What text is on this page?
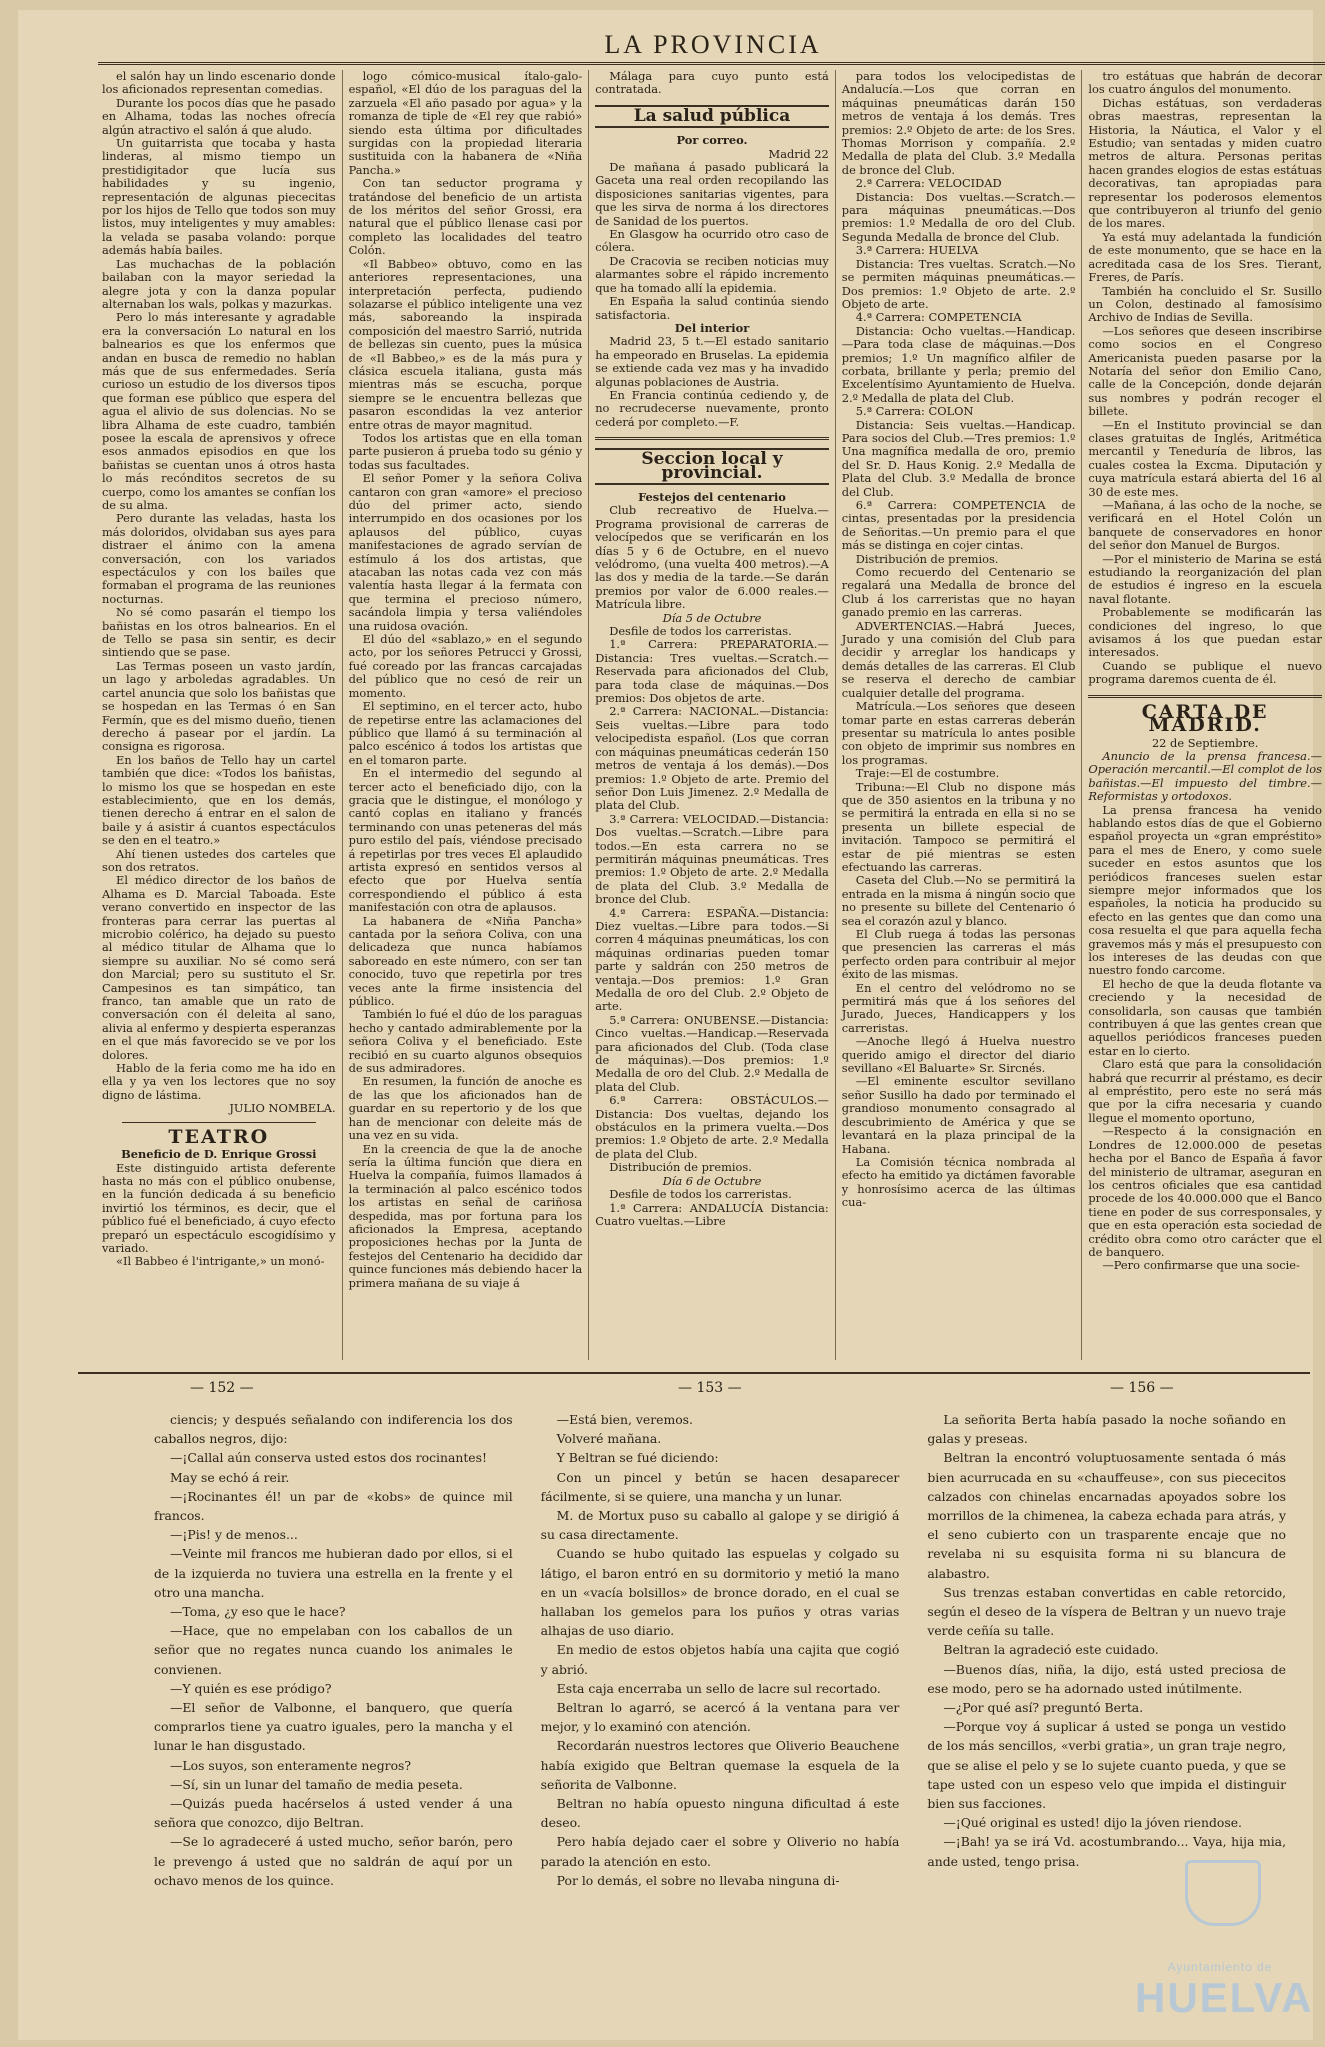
LA PROVINCIA

el salón hay un lindo escenario donde los aficionados representan comedias.

Durante los pocos días que he pasado en Alhama, todas las noches ofrecía algún atractivo el salón á que aludo.

Un guitarrista que tocaba y hasta linderas, al mismo tiempo un prestidigitador que lucía sus habilidades y su ingenio, representación de algunas piececitas por los hijos de Tello que todos son muy listos, muy inteligentes y muy amables: la velada se pasaba volando: porque además había bailes.

Las muchachas de la población bailaban con la mayor seriedad la alegre jota y con la danza popular alternaban los wals, polkas y mazurkas.

Pero lo más interesante y agradable era la conversación Lo natural en los balnearios es que los enfermos que andan en busca de remedio no hablan más que de sus enfermedades. Sería curioso un estudio de los diversos tipos que forman ese público que espera del agua el alivio de sus dolencias. No se libra Alhama de este cuadro, también posee la escala de aprensivos y ofrece esos anmados episodios en que los bañistas se cuentan unos á otros hasta lo más recónditos secretos de su cuerpo, como los amantes se confían los de su alma.

Pero durante las veladas, hasta los más doloridos, olvidaban sus ayes para distraer el ánimo con la amena conversación, con los variados espectáculos y con los bailes que formaban el programa de las reuniones nocturnas.

No sé como pasarán el tiempo los bañistas en los otros balnearios. En el de Tello se pasa sin sentir, es decir sintiendo que se pase.

Las Termas poseen un vasto jardín, un lago y arboledas agradables. Un cartel anuncia que solo los bañistas que se hospedan en las Termas ó en San Fermín, que es del mismo dueño, tienen derecho á pasear por el jardín. La consigna es rigorosa.

En los baños de Tello hay un cartel también que dice: «Todos los bañistas, lo mismo los que se hospedan en este establecimiento, que en los demás, tienen derecho á entrar en el salon de baile y á asistir á cuantos espectáculos se den en el teatro.»

Ahí tienen ustedes dos carteles que son dos retratos.

El médico director de los baños de Alhama es D. Marcial Taboada. Este verano convertido en inspector de las fronteras para cerrar las puertas al microbio colérico, ha dejado su puesto al médico titular de Alhama que lo siempre su auxiliar. No sé como será don Marcial; pero su sustituto el Sr. Campesinos es tan simpático, tan franco, tan amable que un rato de conversación con él deleita al sano, alivia al enfermo y despierta esperanzas en el que más favorecido se ve por los dolores.

Hablo de la feria como me ha ido en ella y ya ven los lectores que no soy digno de lástima.

JULIO NOMBELA.

TEATRO

Beneficio de D. Enrique Grossi

Este distinguido artista deferente hasta no más con el público onubense, en la función dedicada á su beneficio invirtió los términos, es decir, que el público fué el beneficiado, á cuyo efecto preparó un espectáculo escogidísimo y variado.

«Il Babbeo é l'intrigante,» un monó-

logo cómico-musical ítalo-galo-español, «El dúo de los paraguas del la zarzuela «El año pasado por agua» y la romanza de tiple de «El rey que rabió» siendo esta última por dificultades surgidas con la propiedad literaria sustituida con la habanera de «Niña Pancha.»

Con tan seductor programa y tratándose del beneficio de un artista de los méritos del señor Grossi, era natural que el público llenase casi por completo las localidades del teatro Colón.

«Il Babbeo» obtuvo, como en las anteriores representaciones, una interpretación perfecta, pudiendo solazarse el público inteligente una vez más, saboreando la inspirada composición del maestro Sarrió, nutrida de bellezas sin cuento, pues la música de «Il Babbeo,» es de la más pura y clásica escuela italiana, gusta más mientras más se escucha, porque siempre se le encuentra bellezas que pasaron escondidas la vez anterior entre otras de mayor magnitud.

Todos los artistas que en ella toman parte pusieron á prueba todo su génio y todas sus facultades.

El señor Pomer y la señora Coliva cantaron con gran «amore» el precioso dúo del primer acto, siendo interrumpido en dos ocasiones por los aplausos del público, cuyas manifestaciones de agrado servían de estímulo á los dos artistas, que atacaban las notas cada vez con más valentía hasta llegar á la fermata con que termina el precioso número, sacándola limpia y tersa valiéndoles una ruidosa ovación.

El dúo del «sablazo,» en el segundo acto, por los señores Petrucci y Grossi, fué coreado por las francas carcajadas del público que no cesó de reir un momento.

El septimino, en el tercer acto, hubo de repetirse entre las aclamaciones del público que llamó á su terminación al palco escénico á todos los artistas que en el tomaron parte.

En el intermedio del segundo al tercer acto el beneficiado dijo, con la gracia que le distingue, el monólogo y cantó coplas en italiano y francés terminando con unas peteneras del más puro estilo del país, viéndose precisado á repetirlas por tres veces El aplaudido artista expresó en sentidos versos al efecto que por Huelva sentía correspondiendo el público á esta manifestación con otra de aplausos.

La habanera de «Niña Pancha» cantada por la señora Coliva, con una delicadeza que nunca habíamos saboreado en este número, con ser tan conocido, tuvo que repetirla por tres veces ante la firme insistencia del público.

También lo fué el dúo de los paraguas hecho y cantado admirablemente por la señora Coliva y el beneficiado. Este recibió en su cuarto algunos obsequios de sus admiradores.

En resumen, la función de anoche es de las que los aficionados han de guardar en su repertorio y de los que han de mencionar con deleite más de una vez en su vida.

En la creencia de que la de anoche sería la última función que diera en Huelva la compañía, fuimos llamados á la terminación al palco escénico todos los artistas en señal de cariñosa despedida, mas por fortuna para los aficionados la Empresa, aceptando proposiciones hechas por la Junta de festejos del Centenario ha decidido dar quince funciones más debiendo hacer la primera mañana de su viaje á

Málaga para cuyo punto está contratada.

La salud pública

Por correo.

Madrid 22

De mañana á pasado publicará la Gaceta una real orden recopilando las disposiciones sanitarias vigentes, para que les sirva de norma á los directores de Sanidad de los puertos.

En Glasgow ha ocurrido otro caso de cólera.

De Cracovia se reciben noticias muy alarmantes sobre el rápido incremento que ha tomado allí la epidemia.

En España la salud continúa siendo satisfactoria.

Del interior

Madrid 23, 5 t.—El estado sanitario ha empeorado en Bruselas. La epidemia se extiende cada vez mas y ha invadido algunas poblaciones de Austria.

En Francia continúa cediendo y, de no recrudecerse nuevamente, pronto cederá por completo.—F.

Seccion local y provincial.

Festejos del centenario

Club recreativo de Huelva.—Programa provisional de carreras de velocípedos que se verificarán en los días 5 y 6 de Octubre, en el nuevo velódromo, (una vuelta 400 metros).—A las dos y media de la tarde.—Se darán premios por valor de 6.000 reales.—Matrícula libre.

Día 5 de Octubre

Desfile de todos los carreristas.

1.ª Carrera: PREPARATORIA.—Distancia: Tres vueltas.—Scratch.—Reservada para aficionados del Club, para toda clase de máquinas.—Dos premios: Dos objetos de arte.

2.ª Carrera: NACIONAL.—Distancia: Seis vueltas.—Libre para todo velocipedista español. (Los que corran con máquinas pneumáticas cederán 150 metros de ventaja á los demás).—Dos premios: 1.º Objeto de arte. Premio del señor Don Luis Jimenez. 2.º Medalla de plata del Club.

3.ª Carrera: VELOCIDAD.—Distancia: Dos vueltas.—Scratch.—Libre para todos.—En esta carrera no se permitirán máquinas pneumáticas. Tres premios: 1.º Objeto de arte. 2.º Medalla de plata del Club. 3.º Medalla de bronce del Club.

4.ª Carrera: ESPAÑA.—Distancia: Diez vueltas.—Libre para todos.—Si corren 4 máquinas pneumáticas, los con máquinas ordinarias pueden tomar parte y saldrán con 250 metros de ventaja.—Dos premios: 1.º Gran Medalla de oro del Club. 2.º Objeto de arte.

5.ª Carrera: ONUBENSE.—Distancia: Cinco vueltas.—Handicap.—Reservada para aficionados del Club. (Toda clase de máquinas).—Dos premios: 1.º Medalla de oro del Club. 2.º Medalla de plata del Club.

6.ª Carrera: OBSTÁCULOS.—Distancia: Dos vueltas, dejando los obstáculos en la primera vuelta.—Dos premios: 1.º Objeto de arte. 2.º Medalla de plata del Club.

Distribución de premios.

Día 6 de Octubre

Desfile de todos los carreristas.

1.ª Carrera: ANDALUCÍA Distancia: Cuatro vueltas.—Libre

para todos los velocipedistas de Andalucía.—Los que corran en máquinas pneumáticas darán 150 metros de ventaja á los demás. Tres premios: 2.º Objeto de arte: de los Sres. Thomas Morrison y compañía. 2.º Medalla de plata del Club. 3.º Medalla de bronce del Club.

2.ª Carrera: VELOCIDAD

Distancia: Dos vueltas.—Scratch.—para máquinas pneumáticas.—Dos premios: 1.º Medalla de oro del Club. Segunda Medalla de bronce del Club.

3.ª Carrera: HUELVA

Distancia: Tres vueltas. Scratch.—No se permiten máquinas pneumáticas.—Dos premios: 1.º Objeto de arte. 2.º Objeto de arte.

4.ª Carrera: COMPETENCIA

Distancia: Ocho vueltas.—Handicap.—Para toda clase de máquinas.—Dos premios; 1.º Un magnífico alfiler de corbata, brillante y perla; premio del Excelentísimo Ayuntamiento de Huelva. 2.º Medalla de plata del Club.

5.ª Carrera: COLON

Distancia: Seis vueltas.—Handicap. Para socios del Club.—Tres premios: 1.º Una magnífica medalla de oro, premio del Sr. D. Haus Konig. 2.º Medalla de Plata del Club. 3.º Medalla de bronce del Club.

6.ª Carrera: COMPETENCIA de cintas, presentadas por la presidencia de Señoritas.—Un premio para el que más se distinga en cojer cintas.

Distribución de premios.

Como recuerdo del Centenario se regalará una Medalla de bronce del Club á los carreristas que no hayan ganado premio en las carreras.

ADVERTENCIAS.—Habrá Jueces, Jurado y una comisión del Club para decidir y arreglar los handicaps y demás detalles de las carreras. El Club se reserva el derecho de cambiar cualquier detalle del programa.

Matrícula.—Los señores que deseen tomar parte en estas carreras deberán presentar su matrícula lo antes posible con objeto de imprimir sus nombres en los programas.

Traje:—El de costumbre.

Tribuna:—El Club no dispone más que de 350 asientos en la tribuna y no se permitirá la entrada en ella si no se presenta un billete especial de invitación. Tampoco se permitirá el estar de pié mientras se esten efectuando las carreras.

Caseta del Club.—No se permitirá la entrada en la misma á ningún socio que no presente su billete del Centenario ó sea el corazón azul y blanco.

El Club ruega á todas las personas que presencien las carreras el más perfecto orden para contribuir al mejor éxito de las mismas.

En el centro del velódromo no se permitirá más que á los señores del Jurado, Jueces, Handicappers y los carreristas.

—Anoche llegó á Huelva nuestro querido amigo el director del diario sevillano «El Baluarte» Sr. Sircnés.

—El eminente escultor sevillano señor Susillo ha dado por terminado el grandioso monumento consagrado al descubrimiento de América y que se levantará en la plaza principal de la Habana.

La Comisión técnica nombrada al efecto ha emitido ya dictámen favorable y honrosísimo acerca de las últimas cua-

tro estátuas que habrán de decorar los cuatro ángulos del monumento.

Dichas estátuas, son verdaderas obras maestras, representan la Historia, la Náutica, el Valor y el Estudio; van sentadas y miden cuatro metros de altura. Personas peritas hacen grandes elogios de estas estátuas decorativas, tan apropiadas para representar los poderosos elementos que contribuyeron al triunfo del genio de los mares.

Ya está muy adelantada la fundición de este monumento, que se hace en la acreditada casa de los Sres. Tierant, Freres, de París.

También ha concluido el Sr. Susillo un Colon, destinado al famosísimo Archivo de Indias de Sevilla.

—Los señores que deseen inscribirse como socios en el Congreso Americanista pueden pasarse por la Notaría del señor don Emilio Cano, calle de la Concepción, donde dejarán sus nombres y podrán recoger el billete.

—En el Instituto provincial se dan clases gratuitas de Inglés, Aritmética mercantil y Teneduría de libros, las cuales costea la Excma. Diputación y cuya matrícula estará abierta del 16 al 30 de este mes.

—Mañana, á las ocho de la noche, se verificará en el Hotel Colón un banquete de conservadores en honor del señor don Manuel de Burgos.

—Por el ministerio de Marina se está estudiando la reorganización del plan de estudios é ingreso en la escuela naval flotante.

Probablemente se modificarán las condiciones del ingreso, lo que avisamos á los que puedan estar interesados.

Cuando se publique el nuevo programa daremos cuenta de él.

CARTA DE MADRID.

22 de Septiembre.

Anuncio de la prensa francesa.—Operación mercantil.—El complot de los bañistas.—El impuesto del timbre.—Reformistas y ortodoxos.

La prensa francesa ha venido hablando estos días de que el Gobierno español proyecta un «gran empréstito» para el mes de Enero, y como suele suceder en estos asuntos que los periódicos franceses suelen estar siempre mejor informados que los españoles, la noticia ha producido su efecto en las gentes que dan como una cosa resuelta el que para aquella fecha gravemos más y más el presupuesto con los intereses de las deudas con que nuestro fondo carcome.

El hecho de que la deuda flotante va creciendo y la necesidad de consolidarla, son causas que también contribuyen á que las gentes crean que aquellos periódicos franceses pueden estar en lo cierto.

Claro está que para la consolidación habrá que recurrir al préstamo, es decir al empréstito, pero este no será más que por la cifra necesaria y cuando llegue el momento oportuno,

—Respecto á la consignación en Londres de 12.000.000 de pesetas hecha por el Banco de España á favor del ministerio de ultramar, aseguran en los centros oficiales que esa cantidad procede de los 40.000.000 que el Banco tiene en poder de sus corresponsales, y que en esta operación esta sociedad de crédito obra como otro carácter que el de banquero.

—Pero confirmarse que una socie-

— 152 —	— 153 —	— 156 —

ciencis; y después señalando con indiferencia los dos caballos negros, dijo:

—¡Callal aún conserva usted estos dos rocinantes!

May se echó á reir.

—¡Rocinantes él! un par de «kobs» de quince mil francos.

—¡Pis! y de menos...

—Veinte mil francos me hubieran dado por ellos, si el de la izquierda no tuviera una estrella en la frente y el otro una mancha.

—Toma, ¿y eso que le hace?

—Hace, que no empelaban con los caballos de un señor que no regates nunca cuando los animales le convienen.

—Y quién es ese pródigo?

—El señor de Valbonne, el banquero, que quería comprarlos tiene ya cuatro iguales, pero la mancha y el lunar le han disgustado.

—Los suyos, son enteramente negros?

—Sí, sin un lunar del tamaño de media peseta.

—Quizás pueda hacérselos á usted vender á una señora que conozco, dijo Beltran.

—Se lo agradeceré á usted mucho, señor barón, pero le prevengo á usted que no saldrán de aquí por un ochavo menos de los quince.

—Está bien, veremos.

Volveré mañana.

Y Beltran se fué diciendo:

Con un pincel y betún se hacen desaparecer fácilmente, si se quiere, una mancha y un lunar.

M. de Mortux puso su caballo al galope y se dirigió á su casa directamente.

Cuando se hubo quitado las espuelas y colgado su látigo, el baron entró en su dormitorio y metió la mano en un «vacía bolsillos» de bronce dorado, en el cual se hallaban los gemelos para los puños y otras varias alhajas de uso diario.

En medio de estos objetos había una cajita que cogió y abrió.

Esta caja encerraba un sello de lacre sul recortado.

Beltran lo agarró, se acercó á la ventana para ver mejor, y lo examinó con atención.

Recordarán nuestros lectores que Oliverio Beauchene había exigido que Beltran quemase la esquela de la señorita de Valbonne.

Beltran no había opuesto ninguna dificultad á este deseo.

Pero había dejado caer el sobre y Oliverio no había parado la atención en esto.

Por lo demás, el sobre no llevaba ninguna di-

La señorita Berta había pasado la noche soñando en galas y preseas.

Beltran la encontró voluptuosamente sentada ó más bien acurrucada en su «chauffeuse», con sus piececitos calzados con chinelas encarnadas apoyados sobre los morrillos de la chimenea, la cabeza echada para atrás, y el seno cubierto con un trasparente encaje que no revelaba ni su esquisita forma ni su blancura de alabastro.

Sus trenzas estaban convertidas en cable retorcido, según el deseo de la víspera de Beltran y un nuevo traje verde ceñía su talle.

Beltran la agradeció este cuidado.

—Buenos días, niña, la dijo, está usted preciosa de ese modo, pero se ha adornado usted inútilmente.

—¿Por qué así? preguntó Berta.

—Porque voy á suplicar á usted se ponga un vestido de los más sencillos, «verbi gratia», un gran traje negro, que se alise el pelo y se lo sujete cuanto pueda, y que se tape usted con un espeso velo que impida el distinguir bien sus facciones.

—¡Qué original es usted! dijo la jóven riendose.

—¡Bah! ya se irá Vd. acostumbrando... Vaya, hija mia, ande usted, tengo prisa.

Ayuntamiento de
HUELVA
